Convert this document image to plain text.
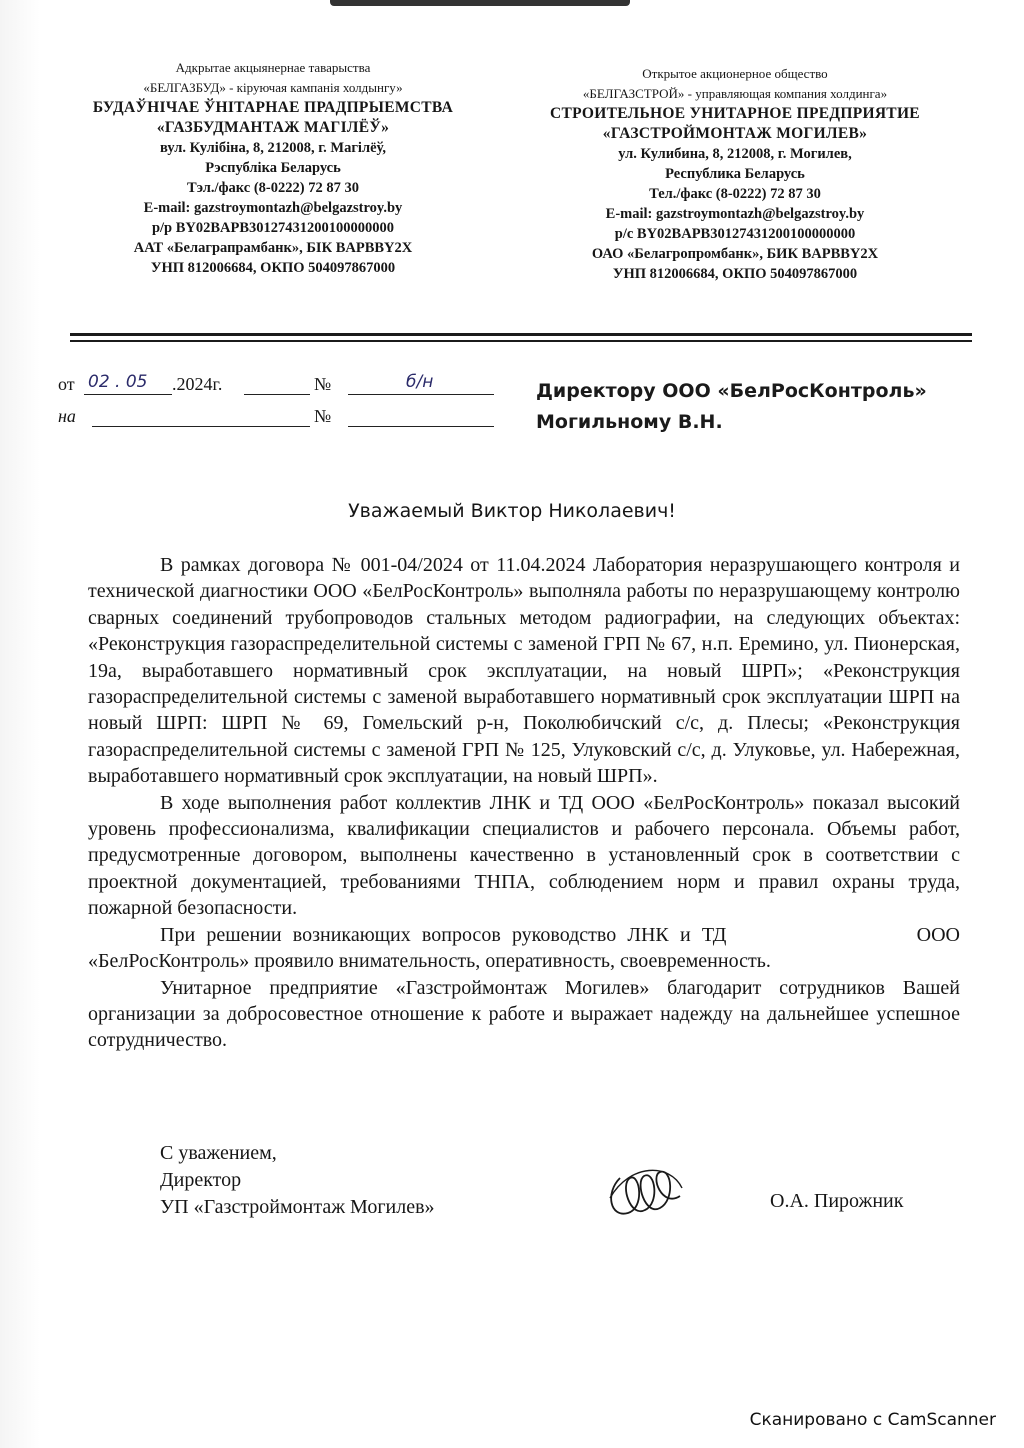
Адкрытае акцыянернае таварыства
«БЕЛГАЗБУД» - кіруючая кампанія холдынгу»
БУДАЎНІЧАЕ ЎНІТАРНАЕ ПРАДПРЫЕМСТВА
«ГАЗБУДМАНТАЖ МАГІЛЁЎ»
вул. Кулібіна, 8, 212008, г. Магілёў,
Рэспубліка Беларусь
Тэл./факс (8-0222) 72 87 30
E-mail: gazstroymontazh@belgazstroy.by
р/р BY02BAPB30127431200100000000
ААТ «Белаграпрамбанк», БІК BAPBBY2X
УНП 812006684, ОКПО 504097867000
Открытое акционерное общество
«БЕЛГАЗСТРОЙ» - управляющая компания холдинга»
СТРОИТЕЛЬНОЕ УНИТАРНОЕ ПРЕДПРИЯТИЕ
«ГАЗСТРОЙМОНТАЖ МОГИЛЕВ»
ул. Кулибина, 8, 212008, г. Могилев,
Республика Беларусь
Тел./факс (8-0222) 72 87 30
E-mail: gazstroymontazh@belgazstroy.by
р/с BY02BAPB30127431200100000000
ОАО «Белагропромбанк», БИК BAPBBY2X
УНП 812006684, ОКПО 504097867000
от 02 . 05 .2024г.	№	б/н
на	№
Директору ООО «БелРосКонтроль»
Могильному В.Н.
Уважаемый Виктор Николаевич!

В рамках договора № 001-04/2024 от 11.04.2024 Лаборатория неразрушающего контроля и технической диагностики ООО «БелРосКонтроль» выполняла работы по неразрушающему контролю сварных соединений трубопроводов стальных методом радиографии, на следующих объектах: «Реконструкция газораспределительной системы с заменой ГРП № 67, н.п. Еремино, ул. Пионерская, 19а, выработавшего нормативный срок эксплуатации, на новый ШРП»; «Реконструкция газораспределительной системы с заменой выработавшего нормативный срок эксплуатации ШРП на новый ШРП: ШРП № 69, Гомельский р-н, Поколюбичский с/с, д. Плесы; «Реконструкция газораспределительной системы с заменой ГРП № 125, Улуковский с/с, д. Улуковье, ул. Набережная, выработавшего нормативный срок эксплуатации, на новый ШРП».

В ходе выполнения работ коллектив ЛНК и ТД ООО «БелРосКонтроль» показал высокий уровень профессионализма, квалификации специалистов и рабочего персонала. Объемы работ, предусмотренные договором, выполнены качественно в установленный срок в соответствии с проектной документацией, требованиями ТНПА, соблюдением норм и правил охраны труда, пожарной безопасности.

При решении возникающих вопросов руководство ЛНК и ТД                 ООО «БелРосКонтроль» проявило внимательность, оперативность, своевременность.

Унитарное предприятие «Газстроймонтаж Могилев» благодарит сотрудников Вашей организации за добросовестное отношение к работе и выражает надежду на дальнейшее успешное сотрудничество.

С уважением,
Директор
УП «Газстроймонтаж Могилев»	О.А. Пирожник
Сканировано с CamScanner
